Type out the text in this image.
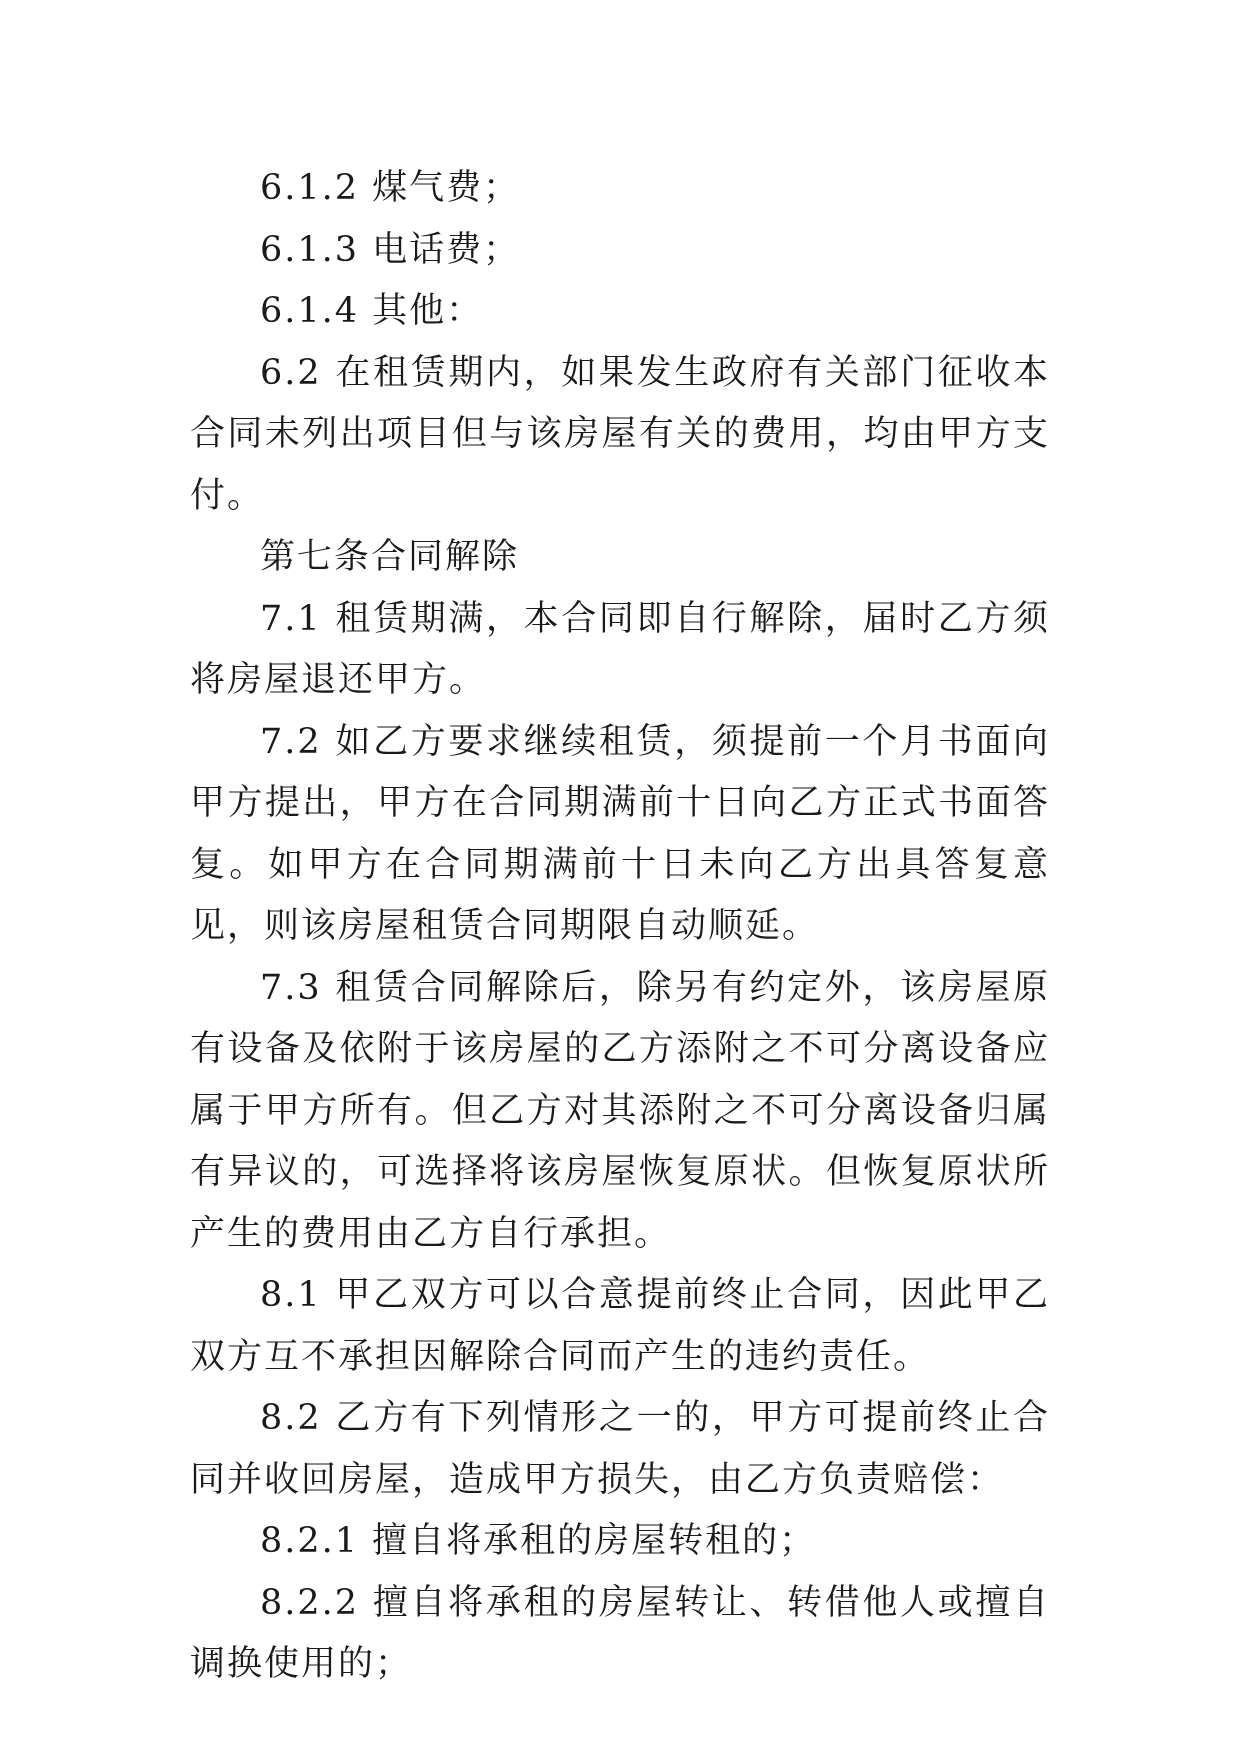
6.1.2 煤气费；

6.1.3 电话费；

6.1.4 其他：

6.2 在租赁期内，如果发生政府有关部门征收本合同未列出项目但与该房屋有关的费用，均由甲方支付。

第七条合同解除

7.1 租赁期满，本合同即自行解除，届时乙方须将房屋退还甲方。

7.2 如乙方要求继续租赁，须提前一个月书面向甲方提出，甲方在合同期满前十日向乙方正式书面答复。如甲方在合同期满前十日未向乙方出具答复意见，则该房屋租赁合同期限自动顺延。

7.3 租赁合同解除后，除另有约定外，该房屋原有设备及依附于该房屋的乙方添附之不可分离设备应属于甲方所有。但乙方对其添附之不可分离设备归属有异议的，可选择将该房屋恢复原状。但恢复原状所产生的费用由乙方自行承担。

8.1 甲乙双方可以合意提前终止合同，因此甲乙双方互不承担因解除合同而产生的违约责任。

8.2 乙方有下列情形之一的，甲方可提前终止合同并收回房屋，造成甲方损失，由乙方负责赔偿：

8.2.1 擅自将承租的房屋转租的；

8.2.2 擅自将承租的房屋转让、转借他人或擅自调换使用的；
